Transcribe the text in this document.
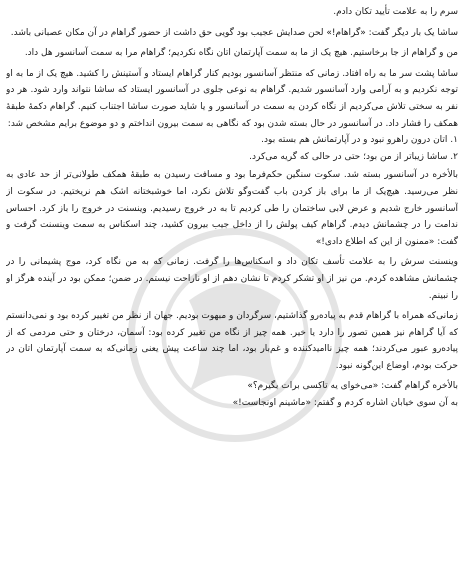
سرم را به علامت تأیید تکان دادم.

ساشا یک بار دیگر گفت: «گراهام!» لحن صدایش عجیب بود گویی حق داشت از حضور گراهام در آن مکان عصبانی باشد.

من و گراهام از جا برخاستیم. هیچ یک از ما به سمت آپارتمان اتان نگاه نکردیم؛ گراهام مرا به سمت آسانسور هل داد.

ساشا پشت سر ما به راه افتاد. زمانی که منتظر آسانسور بودیم کنار گراهام ایستاد و آستینش را کشید. هیچ یک از ما به او توجه نکردیم و به آرامی وارد آسانسور شدیم. گراهام به نوعی جلوی در آسانسور ایستاد که ساشا نتواند وارد شود. هر دو نفر به سختی تلاش می‌کردیم از نگاه کردن به سمت در آسانسور و یا شاید صورت ساشا اجتناب کنیم. گراهام دکمهٔ طبقهٔ همکف را فشار داد. در آسانسور در حال بسته شدن بود که نگاهی به سمت بیرون انداختم و دو موضوع برایم مشخص شد:

۱. اتان درون راهرو نبود و در آپارتمانش هم بسته بود.
۲. ساشا زیباتر از من بود؛ حتی در حالی که گریه می‌کرد.

بالأخره در آسانسور بسته شد. سکوت سنگین حکم‌فرما بود و مسافت رسیدن به طبقهٔ همکف طولانی‌تر از حد عادی به نظر می‌رسید. هیچ‌یک از ما برای باز کردن باب گفت‌وگو تلاش نکرد، اما خوشبختانه اشک هم نریختیم. در سکوت از آسانسور خارج شدیم و عرض لابی ساختمان را طی کردیم تا به در خروج رسیدیم. وینسنت در خروج را باز کرد. احساس ندامت را در چشمانش دیدم. گراهام کیف پولش را از داخل جیب بیرون کشید، چند اسکناس به سمت وینسنت گرفت و گفت: «ممنون از این که اطلاع دادی!»

وینسنت سرش را به علامت تأسف تکان داد و اسکناس‌ها را گرفت. زمانی که به من نگاه کرد، موج پشیمانی را در چشمانش مشاهده کردم. من نیز از او تشکر کردم تا نشان دهم از او ناراحت نیستم. در ضمن؛ ممکن بود در آینده هرگز او را نبینم.

زمانی‌که همراه با گراهام قدم به پیاده‌رو گذاشتیم، سرگردان و مبهوت بودیم. جهان از نظر من تغییر کرده بود و نمی‌دانستم که آیا گراهام نیز همین تصور را دارد یا خیر. همه چیز از نگاه من تغییر کرده بود: آسمان، درختان و حتی مردمی که از پیاده‌رو عبور می‌کردند؛ همه چیز ناامیدکننده و غم‌بار بود، اما چند ساعت پیش یعنی زمانی‌که به سمت آپارتمان اتان در حرکت بودم، اوضاع این‌گونه نبود.

بالأخره گراهام گفت: «می‌خوای یه تاکسی برات بگیرم؟»

به آن سوی خیابان اشاره کردم و گفتم: «ماشینم اونجاست!»
